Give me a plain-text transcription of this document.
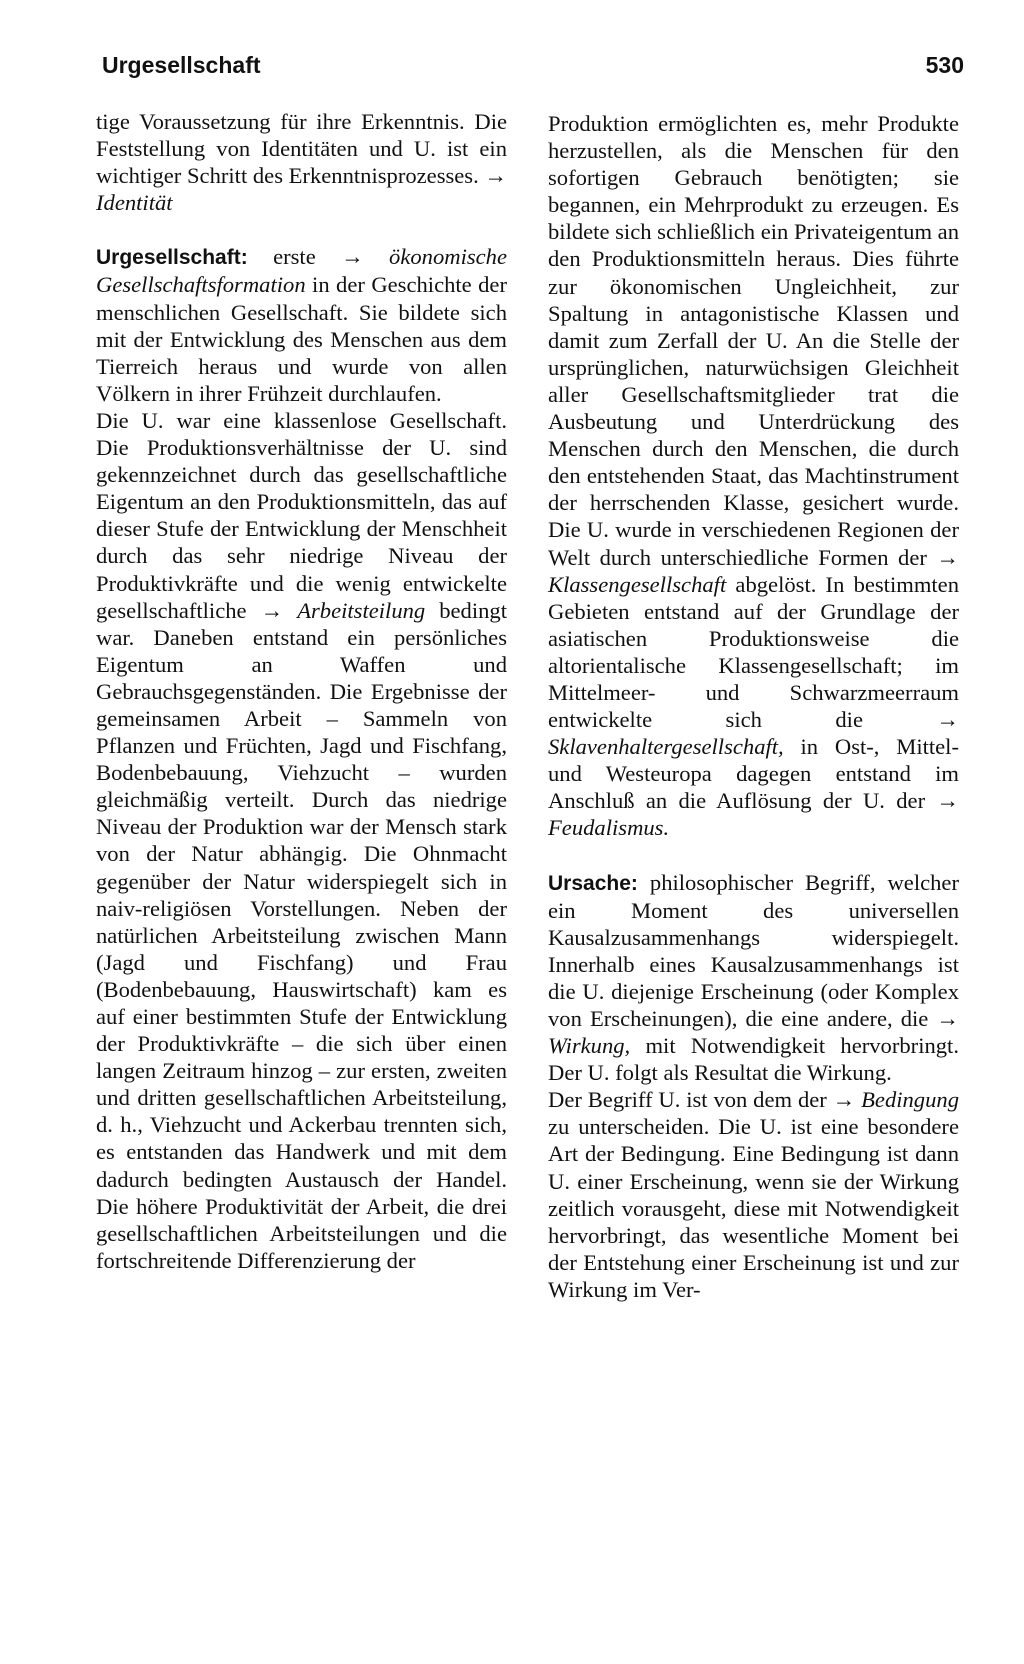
Urgesellschaft	530

tige Voraussetzung für ihre Erkenntnis. Die Feststellung von Identitäten und U. ist ein wichtiger Schritt des Erkenntnisprozesses. → Identität

Urgesellschaft: erste → ökonomische Gesellschaftsformation in der Geschichte der menschlichen Gesellschaft. Sie bildete sich mit der Entwicklung des Menschen aus dem Tierreich heraus und wurde von allen Völkern in ihrer Frühzeit durchlaufen.

Die U. war eine klassenlose Gesellschaft. Die Produktionsverhältnisse der U. sind gekennzeichnet durch das gesellschaftliche Eigentum an den Produktionsmitteln, das auf dieser Stufe der Entwicklung der Menschheit durch das sehr niedrige Niveau der Produktivkräfte und die wenig entwickelte gesellschaftliche → Arbeitsteilung bedingt war. Daneben entstand ein persönliches Eigentum an Waffen und Gebrauchsgegenständen. Die Ergebnisse der gemeinsamen Arbeit – Sammeln von Pflanzen und Früchten, Jagd und Fischfang, Bodenbebauung, Viehzucht – wurden gleichmäßig verteilt. Durch das niedrige Niveau der Produktion war der Mensch stark von der Natur abhängig. Die Ohnmacht gegenüber der Natur widerspiegelt sich in naiv-religiösen Vorstellungen. Neben der natürlichen Arbeitsteilung zwischen Mann (Jagd und Fischfang) und Frau (Bodenbebauung, Hauswirtschaft) kam es auf einer bestimmten Stufe der Entwicklung der Produktivkräfte – die sich über einen langen Zeitraum hinzog – zur ersten, zweiten und dritten gesellschaftlichen Arbeitsteilung, d. h., Viehzucht und Ackerbau trennten sich, es entstanden das Handwerk und mit dem dadurch bedingten Austausch der Handel. Die höhere Produktivität der Arbeit, die drei gesellschaftlichen Arbeitsteilungen und die fortschreitende Differenzierung der

Produktion ermöglichten es, mehr Produkte herzustellen, als die Menschen für den sofortigen Gebrauch benötigten; sie begannen, ein Mehrprodukt zu erzeugen. Es bildete sich schließlich ein Privateigentum an den Produktionsmitteln heraus. Dies führte zur ökonomischen Ungleichheit, zur Spaltung in antagonistische Klassen und damit zum Zerfall der U. An die Stelle der ursprünglichen, naturwüchsigen Gleichheit aller Gesellschaftsmitglieder trat die Ausbeutung und Unterdrückung des Menschen durch den Menschen, die durch den entstehenden Staat, das Machtinstrument der herrschenden Klasse, gesichert wurde. Die U. wurde in verschiedenen Regionen der Welt durch unterschiedliche Formen der → Klassengesellschaft abgelöst. In bestimmten Gebieten entstand auf der Grundlage der asiatischen Produktionsweise die altorientalische Klassengesellschaft; im Mittelmeer- und Schwarzmeerraum entwickelte sich die → Sklavenhaltergesellschaft, in Ost-, Mittel- und Westeuropa dagegen entstand im Anschluß an die Auflösung der U. der → Feudalismus.

Ursache: philosophischer Begriff, welcher ein Moment des universellen Kausalzusammenhangs widerspiegelt. Innerhalb eines Kausalzusammenhangs ist die U. diejenige Erscheinung (oder Komplex von Erscheinungen), die eine andere, die → Wirkung, mit Notwendigkeit hervorbringt. Der U. folgt als Resultat die Wirkung.

Der Begriff U. ist von dem der → Bedingung zu unterscheiden. Die U. ist eine besondere Art der Bedingung. Eine Bedingung ist dann U. einer Erscheinung, wenn sie der Wirkung zeitlich vorausgeht, diese mit Notwendigkeit hervorbringt, das wesentliche Moment bei der Entstehung einer Erscheinung ist und zur Wirkung im Ver-
